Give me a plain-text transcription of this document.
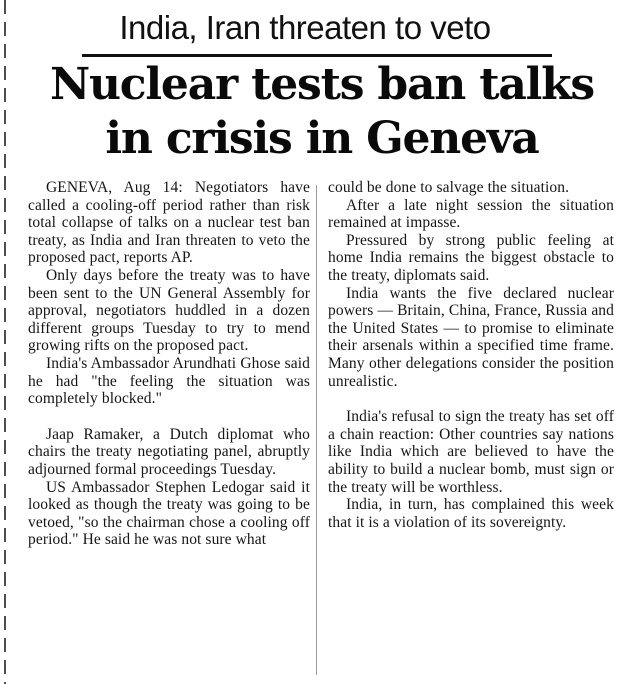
India, Iran threaten to veto
Nuclear tests ban talks
in crisis in Geneva

GENEVA, Aug 14: Negotiators have called a cooling-off period rather than risk total collapse of talks on a nuclear test ban treaty, as India and Iran threaten to veto the proposed pact, reports AP.

Only days before the treaty was to have been sent to the UN General Assembly for approval, negotiators huddled in a dozen different groups Tuesday to try to mend growing rifts on the proposed pact.

India's Ambassador Arundhati Ghose said he had "the feeling the situation was completely blocked."

Jaap Ramaker, a Dutch diplomat who chairs the treaty negotiating panel, abruptly adjourned formal proceedings Tuesday.

US Ambassador Stephen Ledogar said it looked as though the treaty was going to be vetoed, "so the chairman chose a cooling off period." He said he was not sure what

could be done to salvage the situation.

After a late night session the situation remained at impasse.

Pressured by strong public feeling at home India remains the biggest obstacle to the treaty, diplomats said.

India wants the five declared nuclear powers — Britain, China, France, Russia and the United States — to promise to eliminate their arsenals within a specified time frame. Many other delegations consider the position unrealistic.

India's refusal to sign the treaty has set off a chain reaction: Other countries say nations like India which are believed to have the ability to build a nuclear bomb, must sign or the treaty will be worthless.

India, in turn, has complained this week that it is a violation of its sovereignty.
